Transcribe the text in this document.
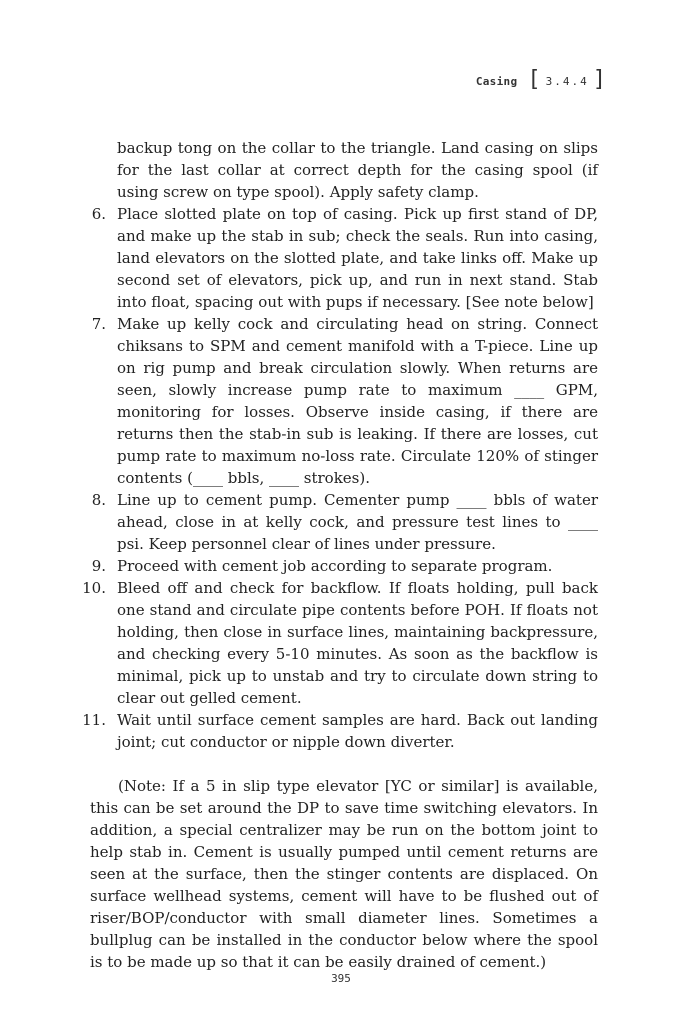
Casing [ 3.4.4 ]
backup tong on the collar to the triangle. Land casing on slips for the last collar at correct depth for the casing spool (if using screw on type spool). Apply safety clamp.
6. Place slotted plate on top of casing. Pick up first stand of DP, and make up the stab in sub; check the seals. Run into casing, land elevators on the slotted plate, and take links off. Make up second set of elevators, pick up, and run in next stand. Stab into float, spacing out with pups if necessary. [See note below]
7. Make up kelly cock and circulating head on string. Connect chiksans to SPM and cement manifold with a T-piece. Line up on rig pump and break circulation slowly. When returns are seen, slowly increase pump rate to maximum ____ GPM, monitoring for losses. Observe inside casing, if there are returns then the stab-in sub is leaking. If there are losses, cut pump rate to maximum no-loss rate. Circulate 120% of stinger contents (____ bbls, ____ strokes).
8. Line up to cement pump. Cementer pump ____ bbls of water ahead, close in at kelly cock, and pressure test lines to ____ psi. Keep personnel clear of lines under pressure.
9. Proceed with cement job according to separate program.
10. Bleed off and check for backflow. If floats holding, pull back one stand and circulate pipe contents before POH. If floats not holding, then close in surface lines, maintaining backpressure, and checking every 5-10 minutes. As soon as the backflow is minimal, pick up to unstab and try to circulate down string to clear out gelled cement.
11. Wait until surface cement samples are hard. Back out landing joint; cut conductor or nipple down diverter.

(Note: If a 5 in slip type elevator [YC or similar] is available, this can be set around the DP to save time switching elevators. In addition, a special centralizer may be run on the bottom joint to help stab in. Cement is usually pumped until cement returns are seen at the surface, then the stinger contents are displaced. On surface wellhead systems, cement will have to be flushed out of riser/BOP/conductor with small diameter lines. Sometimes a bullplug can be installed in the conductor below where the spool is to be made up so that it can be easily drained of cement.)

395
